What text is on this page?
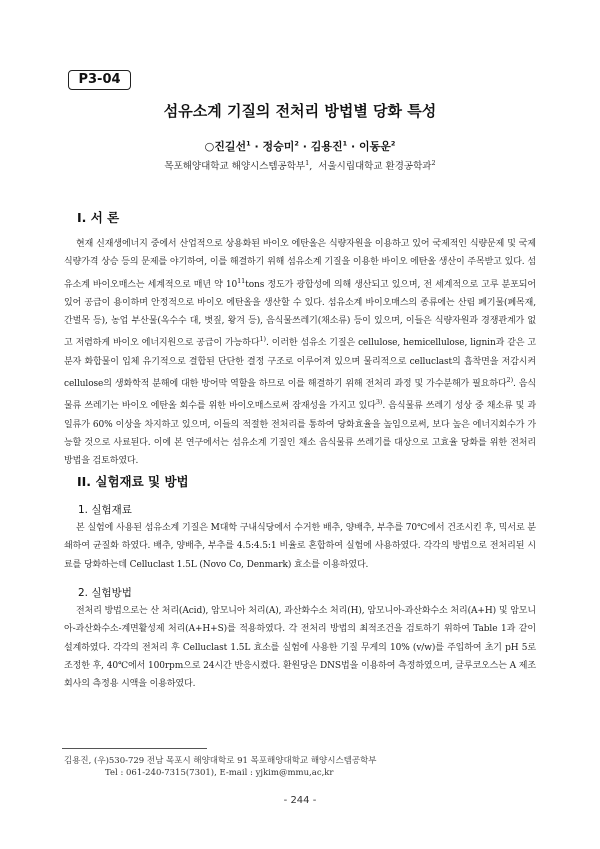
P3-04
섬유소계 기질의 전처리 방법별 당화 특성
○진길선$^1$ · 정승미$^2$ · 김용진$^1$ · 이동운$^2$
목포해양대학교 해양시스템공학부$^1$,  서울시립대학교 환경공학과$^2$
I. 서 론

현재 신재생에너지 중에서 산업적으로 상용화된 바이오 에탄올은 식량자원을 이용하고 있어 국제적인 식량문제 및 국제 식량가격 상승 등의 문제를 야기하여, 이를 해결하기 위해 섬유소계 기질을 이용한 바이오 에탄올 생산이 주목받고 있다. 섬유소계 바이오매스는 세계적으로 매년 약 $10^{11}tons$ 정도가 광합성에 의해 생산되고 있으며, 전 세계적으로 고루 분포되어 있어 공급이 용이하며 안정적으로 바이오 에탄올을 생산할 수 있다. 섬유소계 바이오매스의 종류에는 산림 폐기물(폐목재, 간벌목 등), 농업 부산물(옥수수 대, 볏짚, 왕겨 등), 음식물쓰레기(채소류) 등이 있으며, 이들은 식량자원과 경쟁관계가 없고 저렴하게 바이오 에너지원으로 공급이 가능하다$^{1)}$. 이러한 섬유소 기질은 cellulose, hemicellulose, lignin과 같은 고분자 화합물이 입체 유기적으로 결합된 단단한 결정 구조로 이루어져 있으며 물리적으로 celluclast의 흡착면을 저감시켜 cellulose의 생화학적 분해에 대한 방어막 역할을 하므로 이를 해결하기 위해 전처리 과정 및 가수분해가 필요하다$^{2)}$. 음식물류 쓰레기는 바이오 에탄올 회수를 위한 바이오매스로써 잠재성을 가지고 있다$^{3)}$. 음식물류 쓰레기 성상 중 채소류 및 과일류가 60% 이상을 차지하고 있으며, 이들의 적절한 전처리를 통하여 당화효율을 높임으로써, 보다 높은 에너지회수가 가능할 것으로 사료된다. 이에 본 연구에서는 섬유소계 기질인 채소 음식물류 쓰레기를 대상으로 고효율 당화를 위한 전처리 방법을 검토하였다.

II. 실험재료 및 방법
1. 실험재료

본 실험에 사용된 섬유소계 기질은 M대학 구내식당에서 수거한 배추, 양배추, 부추를 70℃에서 건조시킨 후, 믹서로 분쇄하여 균질화 하였다. 배추, 양배추, 부추를 4.5:4.5:1 비율로 혼합하여 실험에 사용하였다. 각각의 방법으로 전처리된 시료를 당화하는데 Celluclast 1.5L (Novo Co, Denmark) 효소를 이용하였다.

2. 실험방법

전처리 방법으로는 산 처리(Acid), 암모니아 처리(A), 과산화수소 처리(H), 암모니아-과산화수소 처리(A+H) 및 암모니아-과산화수소-계면활성제 처리(A+H+S)를 적용하였다. 각 전처리 방법의 최적조건을 검토하기 위하여 Table 1과 같이 설계하였다. 각각의 전처리 후 Celluclast 1.5L 효소를 실험에 사용한 기질 무게의 10% (v/w)를 주입하여 초기 pH 5로 조정한 후, 40℃에서 100rpm으로 24시간 반응시켰다. 환원당은 DNS법을 이용하여 측정하였으며, 글루코오스는 A 제조회사의 측정용 시액을 이용하였다.

김용진, (우)530-729 전남 목포시 해양대학로 91 목포해양대학교 해양시스템공학부
Tel : 061-240-7315(7301), E-mail : yjkim@mmu,ac,kr
- 244 -
